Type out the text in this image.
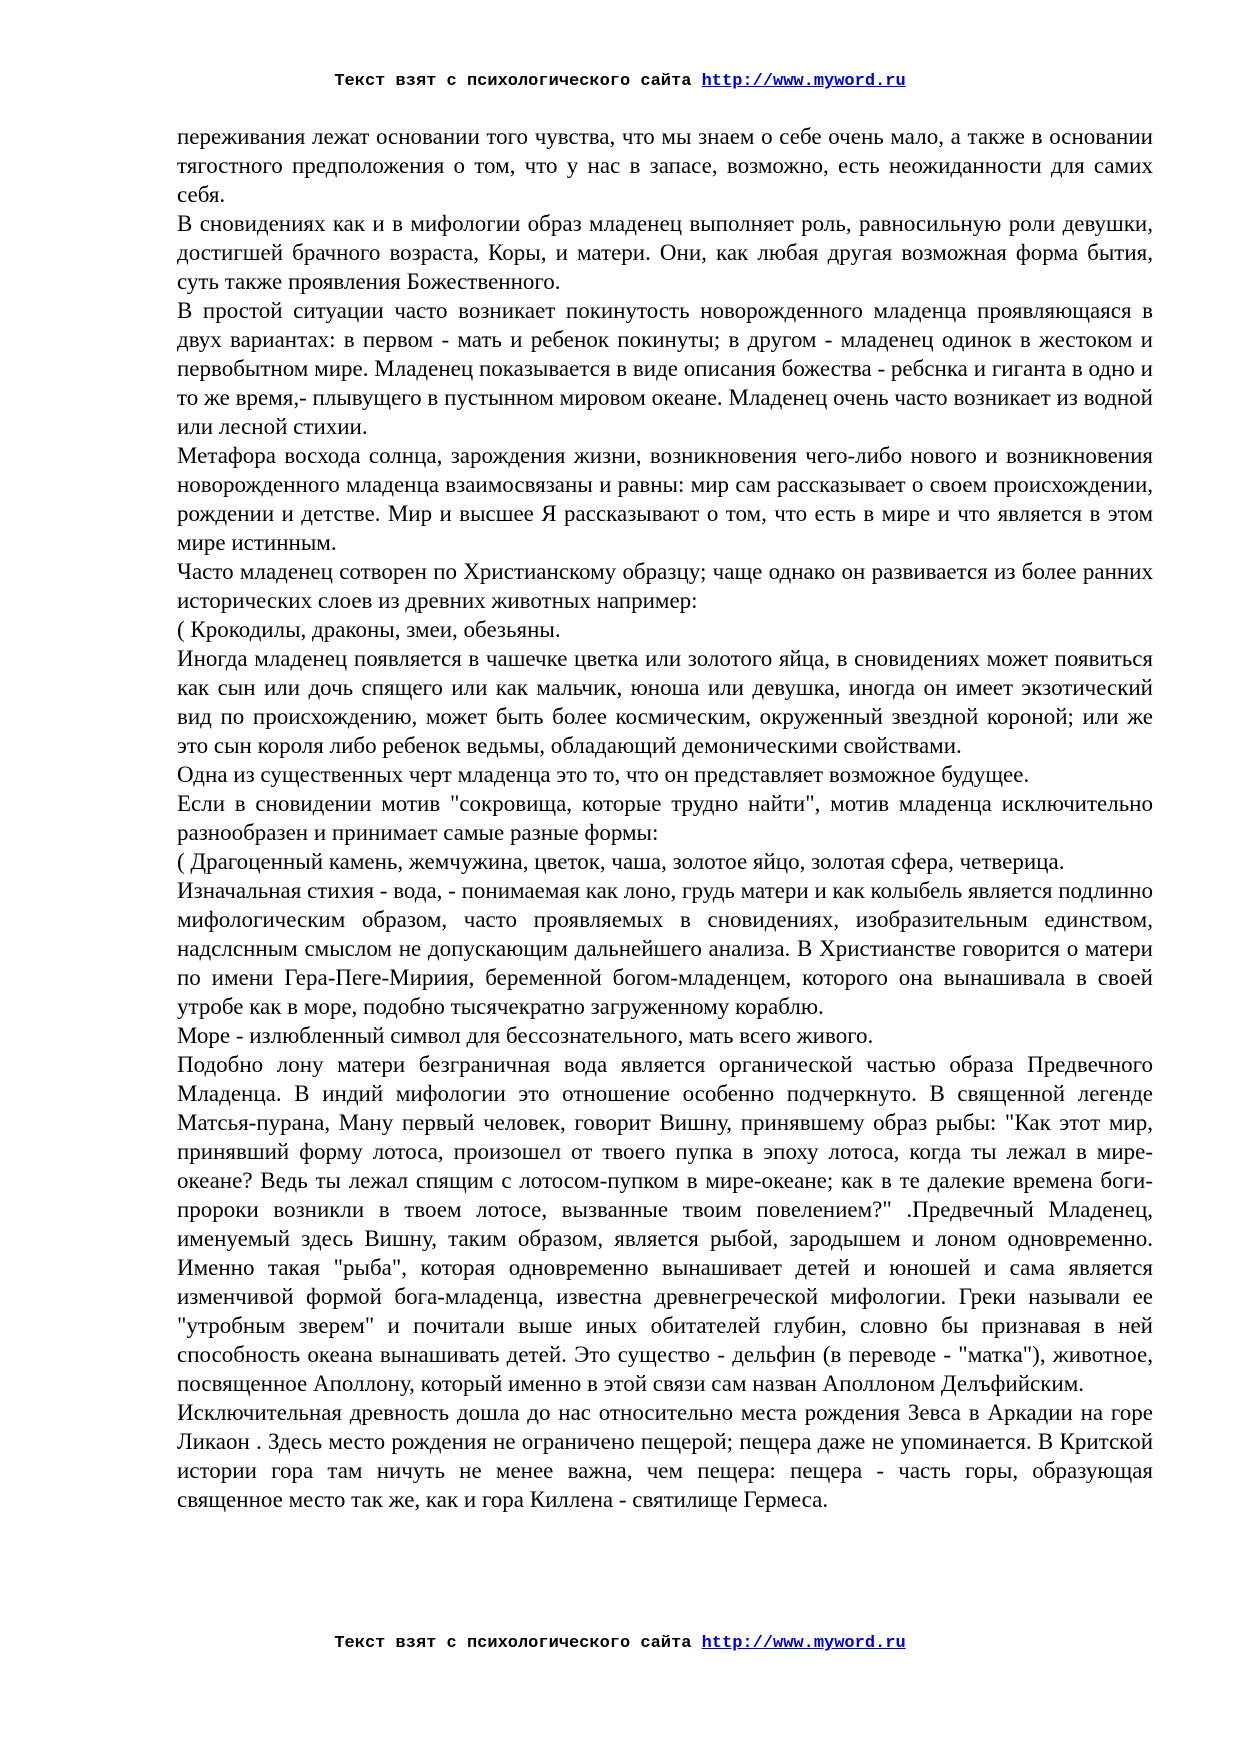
Текст взят с психологического сайта http://www.myword.ru

переживания лежат основании того чувства, что мы знаем о себе очень мало, а также в основании тягостного предположения о том, что у нас в запасе, возможно, есть неожиданности для самих себя.

В сновидениях как и в мифологии образ младенец выполняет роль, равносильную роли девушки, достигшей брачного возраста, Коры, и матери. Они, как любая другая возможная форма бытия, суть также проявления Божественного.

В простой ситуации часто возникает покинутость новорожденного младенца проявляющаяся в двух вариантах: в первом - мать и ребенок покинуты; в другом - младенец одинок в жестоком и первобытном мире. Младенец показывается в виде описания божества - ребснка и гиганта в одно и то же время,- плывущего в пустынном мировом океане. Младенец очень часто возникает из водной или лесной стихии.

Метафора восхода солнца, зарождения жизни, возникновения чего-либо нового и возникновения новорожденного младенца взаимосвязаны и равны: мир сам рассказывает о своем происхождении, рождении и детстве. Мир и высшее Я рассказывают о том, что есть в мире и что является в этом мире истинным.

Часто младенец сотворен по Христианскому образцу; чаще однако он развивается из более ранних исторических слоев из древних животных например:

( Крокодилы, драконы, змеи, обезьяны.

Иногда младенец появляется в чашечке цветка или золотого яйца, в сновидениях может появиться как сын или дочь спящего или как мальчик, юноша или девушка, иногда он имеет экзотический вид по происхождению, может быть более космическим, окруженный звездной короной; или же это сын короля либо ребенок ведьмы, обладающий демоническими свойствами.

Одна из существенных черт младенца это то, что он представляет возможное будущее.

Если в сновидении мотив "сокровища, которые трудно найти", мотив младенца исключительно разнообразен и принимает самые разные формы:

( Драгоценный камень, жемчужина, цветок, чаша, золотое яйцо, золотая сфера, четверица.

Изначальная стихия - вода, - понимаемая как лоно, грудь матери и как колыбель является подлинно мифологическим образом, часто проявляемых в сновидениях, изобразительным единством, надслснным смыслом не допускающим дальнейшего анализа. В Христианстве говорится о матери по имени Гера-Пеге-Мириия, беременной богом-младенцем, которого она вынашивала в своей утробе как в море, подобно тысячекратно загруженному кораблю.

Море - излюбленный символ для бессознательного, мать всего живого.

Подобно лону матери безграничная вода является органической частью образа Предвечного Младенца. В индий мифологии это отношение особенно подчеркнуто. В священной легенде Матсья-пурана, Ману первый человек, говорит Вишну, принявшему образ рыбы: "Как этот мир, принявший форму лотоса, произошел от твоего пупка в эпоху лотоса, когда ты лежал в мире-океане? Ведь ты лежал спящим с лотосом-пупком в мире-океане; как в те далекие времена боги-пророки возникли в твоем лотосе, вызванные твоим повелением?" .Предвечный Младенец, именуемый здесь Вишну, таким образом, является рыбой, зародышем и лоном одновременно. Именно такая "рыба", которая одновременно вынашивает детей и юношей и сама является изменчивой формой бога-младенца, известна древнегреческой мифологии. Греки называли ее "утробным зверем" и почитали выше иных обитателей глубин, словно бы признавая в ней способность океана вынашивать детей. Это существо - дельфин (в переводе - "матка"), животное, посвященное Аполлону, который именно в этой связи сам назван Аполлоном Делъфийским.

Исключительная древность дошла до нас относительно места рождения Зевса в Аркадии на горе Ликаон . Здесь место рождения не ограничено пещерой; пещера даже не упоминается. В Критской истории гора там ничуть не менее важна, чем пещера: пещера - часть горы, образующая священное место так же, как и гора Киллена - святилище Гермеса.

Текст взят с психологического сайта http://www.myword.ru
